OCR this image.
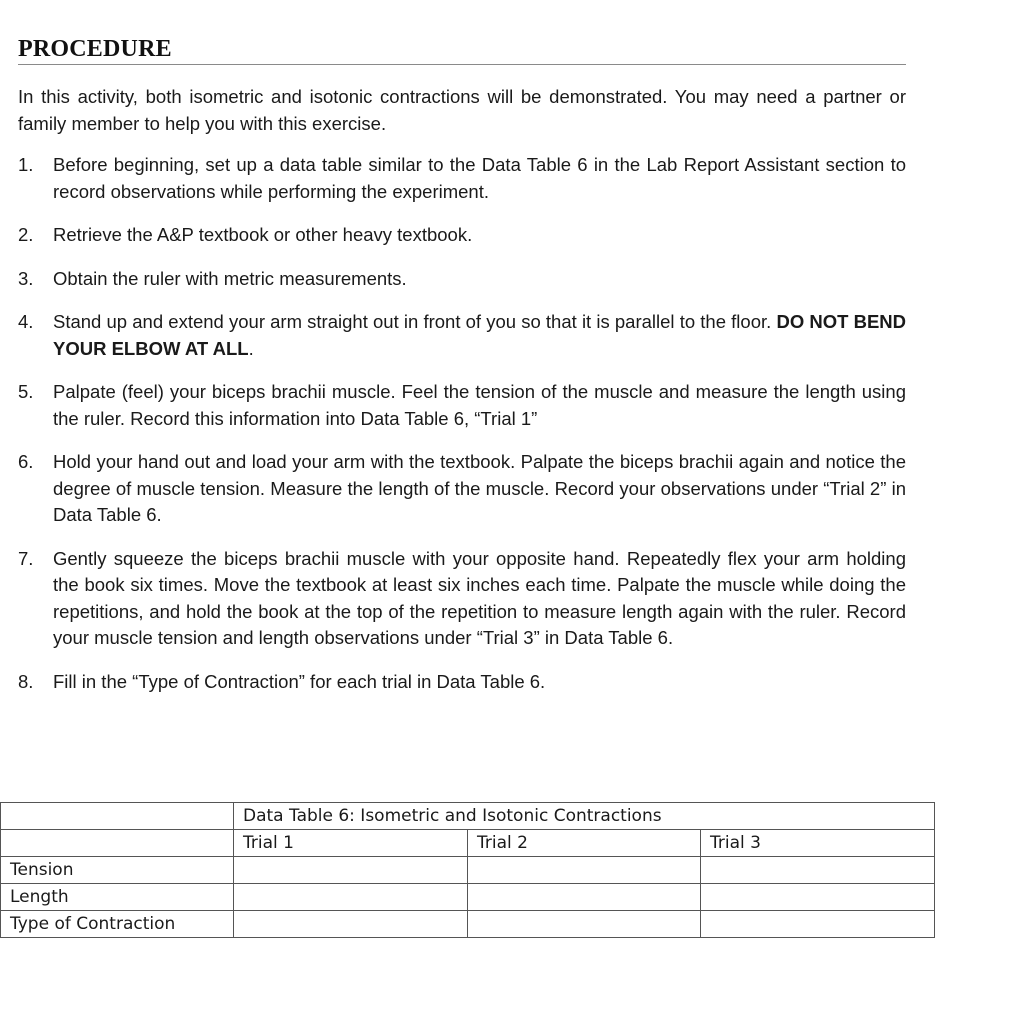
PROCEDURE
In this activity, both isometric and isotonic contractions will be demonstrated. You may need a partner or family member to help you with this exercise.
1. Before beginning, set up a data table similar to the Data Table 6 in the Lab Report Assistant section to record observations while performing the experiment.
2. Retrieve the A&P textbook or other heavy textbook.
3. Obtain the ruler with metric measurements.
4. Stand up and extend your arm straight out in front of you so that it is parallel to the floor. DO NOT BEND YOUR ELBOW AT ALL.
5. Palpate (feel) your biceps brachii muscle. Feel the tension of the muscle and measure the length using the ruler. Record this information into Data Table 6, “Trial 1”
6. Hold your hand out and load your arm with the textbook. Palpate the biceps brachii again and notice the degree of muscle tension. Measure the length of the muscle. Record your observations under “Trial 2” in Data Table 6.
7. Gently squeeze the biceps brachii muscle with your opposite hand. Repeatedly flex your arm holding the book six times. Move the textbook at least six inches each time. Palpate the muscle while doing the repetitions, and hold the book at the top of the repetition to measure length again with the ruler. Record your muscle tension and length observations under “Trial 3” in Data Table 6.
8. Fill in the “Type of Contraction” for each trial in Data Table 6.
	Data Table 6: Isometric and Isotonic Contractions		
	Trial 1	Trial 2	Trial 3
Tension			
Length			
Type of Contraction			
